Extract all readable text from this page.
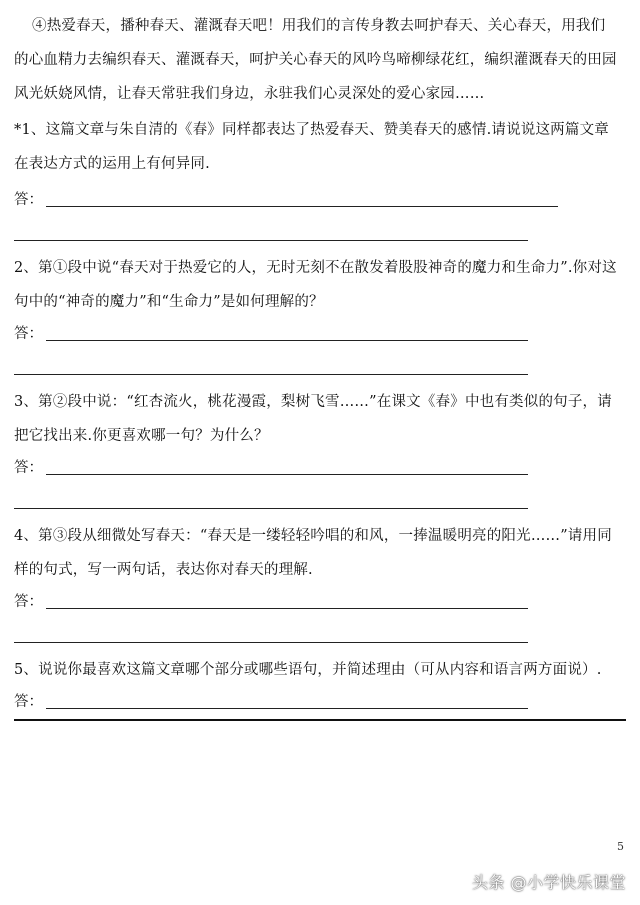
④热爱春天，播种春天、灌溉春天吧！用我们的言传身教去呵护春天、关心春天，用我们
的心血精力去编织春天、灌溉春天，呵护关心春天的风吟鸟啼柳绿花红，编织灌溉春天的田园
风光妖娆风情，让春天常驻我们身边，永驻我们心灵深处的爱心家园……
*1、这篇文章与朱自清的《春》同样都表达了热爱春天、赞美春天的感情.请说说这两篇文章
在表达方式的运用上有何异同.
答：
2、第①段中说“春天对于热爱它的人，无时无刻不在散发着股股神奇的魔力和生命力”.你对这
句中的“神奇的魔力”和“生命力”是如何理解的？
答：
3、第②段中说：“红杏流火，桃花漫霞，梨树飞雪……”在课文《春》中也有类似的句子，请
把它找出来.你更喜欢哪一句？为什么？
答：
4、第③段从细微处写春天：“春天是一缕轻轻吟唱的和风，一捧温暖明亮的阳光……”请用同
样的句式，写一两句话，表达你对春天的理解.
答：
5、说说你最喜欢这篇文章哪个部分或哪些语句，并简述理由（可从内容和语言两方面说）.
答：
5
头条 @小学快乐课堂
